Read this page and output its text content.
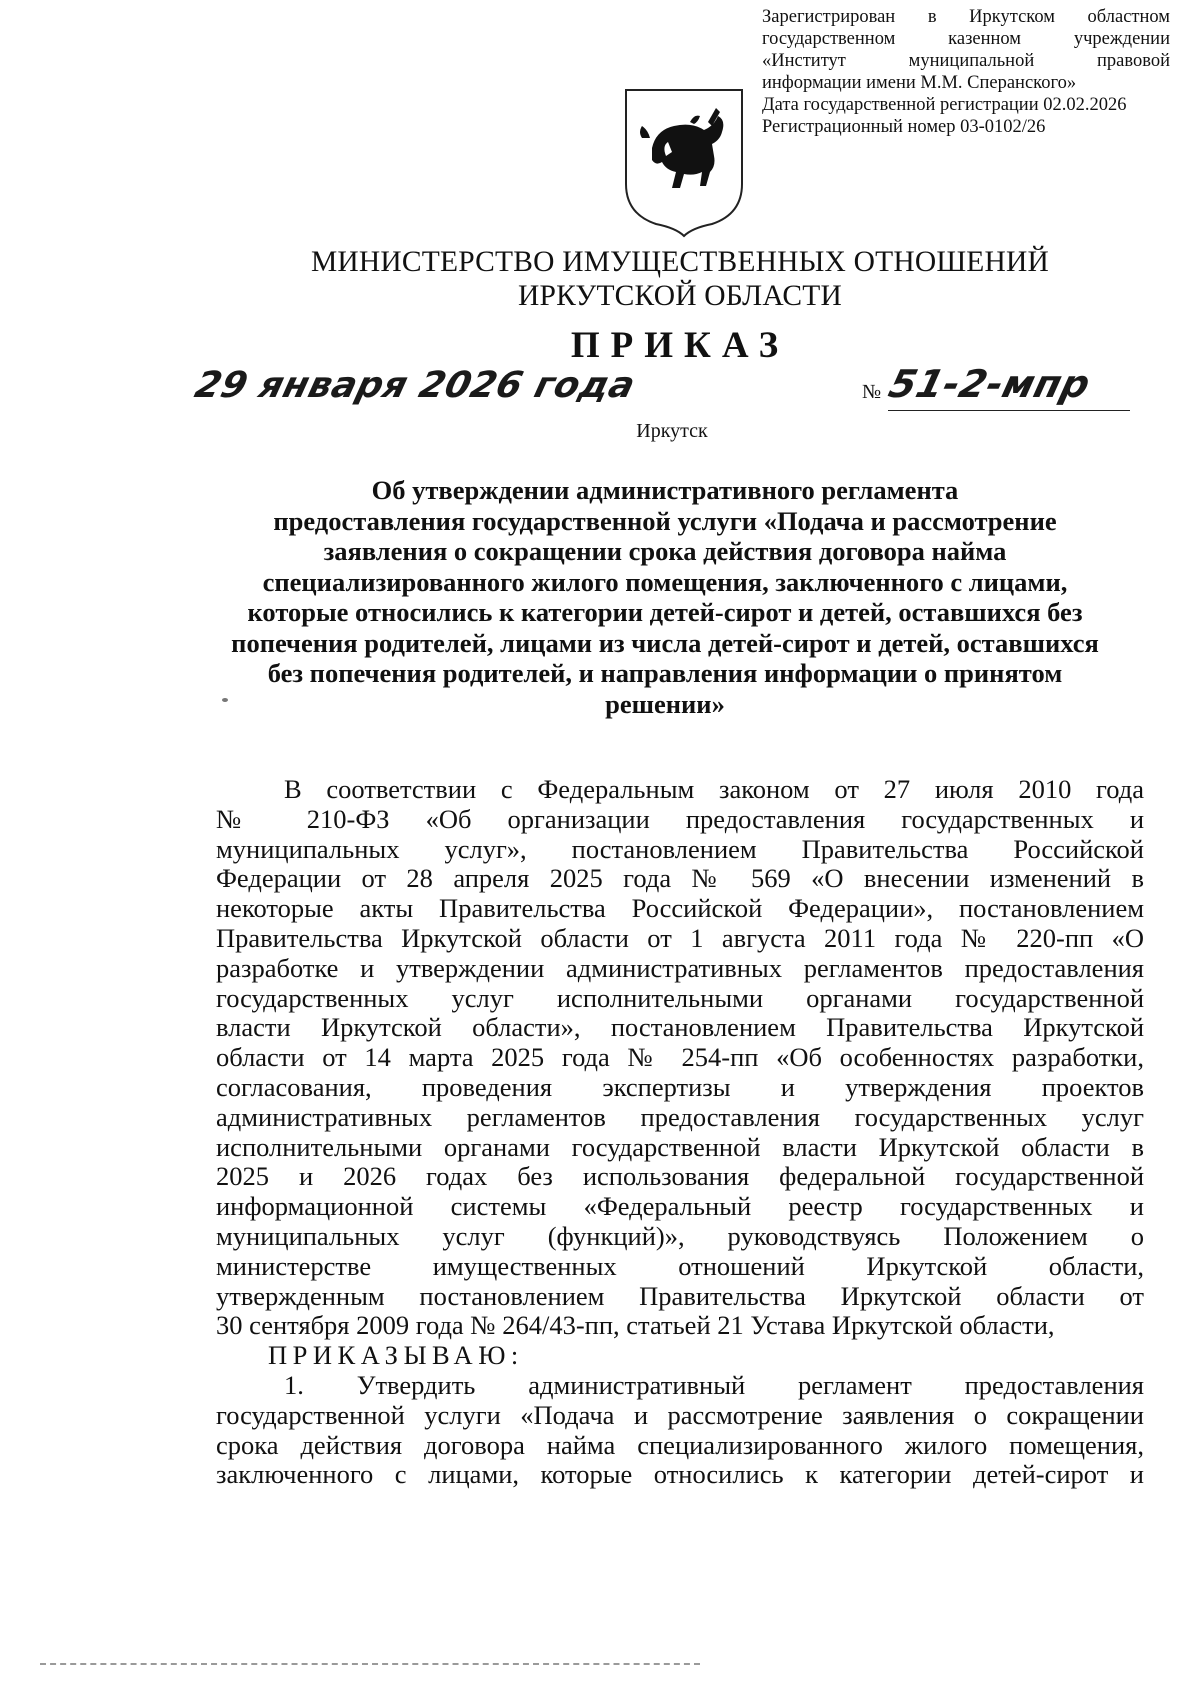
Зарегистрирован в Иркутском областном
государственном казенном учреждении
«Институт муниципальной правовой
информации имени М.М. Сперанского»
Дата государственной регистрации 02.02.2026
Регистрационный номер 03-0102/26
МИНИСТЕРСТВО ИМУЩЕСТВЕННЫХ ОТНОШЕНИЙ
ИРКУТСКОЙ ОБЛАСТИ
ПРИКАЗ
29 января 2026 года	№ 51-2-мпр
Иркутск
Об утверждении административного регламента
предоставления государственной услуги «Подача и рассмотрение
заявления о сокращении срока действия договора найма
специализированного жилого помещения, заключенного с лицами,
которые относились к категории детей-сирот и детей, оставшихся без
попечения родителей, лицами из числа детей-сирот и детей, оставшихся
без попечения родителей, и направления информации о принятом
решении»
В соответствии с Федеральным законом от 27 июля 2010 года
№ 210-ФЗ «Об организации предоставления государственных и
муниципальных услуг», постановлением Правительства Российской
Федерации от 28 апреля 2025 года № 569 «О внесении изменений в
некоторые акты Правительства Российской Федерации», постановлением
Правительства Иркутской области от 1 августа 2011 года № 220-пп «О
разработке и утверждении административных регламентов предоставления
государственных услуг исполнительными органами государственной
власти Иркутской области», постановлением Правительства Иркутской
области от 14 марта 2025 года № 254-пп «Об особенностях разработки,
согласования, проведения экспертизы и утверждения проектов
административных регламентов предоставления государственных услуг
исполнительными органами государственной власти Иркутской области в
2025 и 2026 годах без использования федеральной государственной
информационной системы «Федеральный реестр государственных и
муниципальных услуг (функций)», руководствуясь Положением о
министерстве имущественных отношений Иркутской области,
утвержденным постановлением Правительства Иркутской области от
30 сентября 2009 года № 264/43-пп, статьей 21 Устава Иркутской области,
ПРИКАЗЫВАЮ:
1. Утвердить административный регламент предоставления
государственной услуги «Подача и рассмотрение заявления о сокращении
срока действия договора найма специализированного жилого помещения,
заключенного с лицами, которые относились к категории детей-сирот и
